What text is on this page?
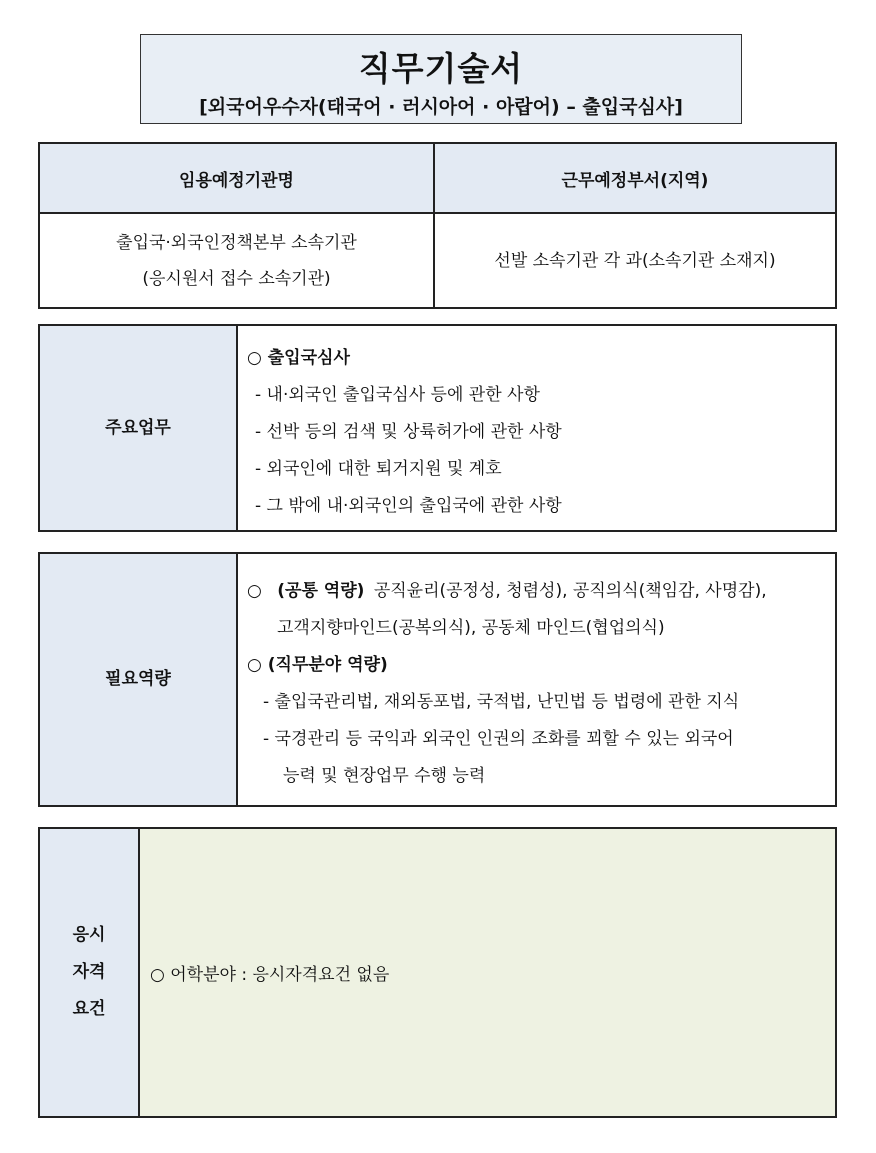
직무기술서
[외국어우수자(태국어 · 러시아어 · 아랍어) – 출입국심사]
임용예정기관명	근무예정부서(지역)

출입국·외국인정책본부 소속기관
(응시원서 접수 소속기관)	선발 소속기관 각 과(소속기관 소재지)
주요업무	
○ 출입국심사
- 내·외국인 출입국심사 등에 관한 사항
- 선박 등의 검색 및 상륙허가에 관한 사항
- 외국인에 대한 퇴거지원 및 계호
- 그 밖에 내·외국인의 출입국에 관한 사항
필요역량	
○ (공통 역량) 공직윤리(공정성, 청렴성), 공직의식(책임감, 사명감),
고객지향마인드(공복의식), 공동체 마인드(협업의식)
○ (직무분야 역량)
- 출입국관리법, 재외동포법, 국적법, 난민법 등 법령에 관한 지식
- 국경관리 등 국익과 외국인 인권의 조화를 꾀할 수 있는 외국어
능력 및 현장업무 수행 능력
응시
자격
요건
	○ 어학분야 : 응시자격요건 없음
